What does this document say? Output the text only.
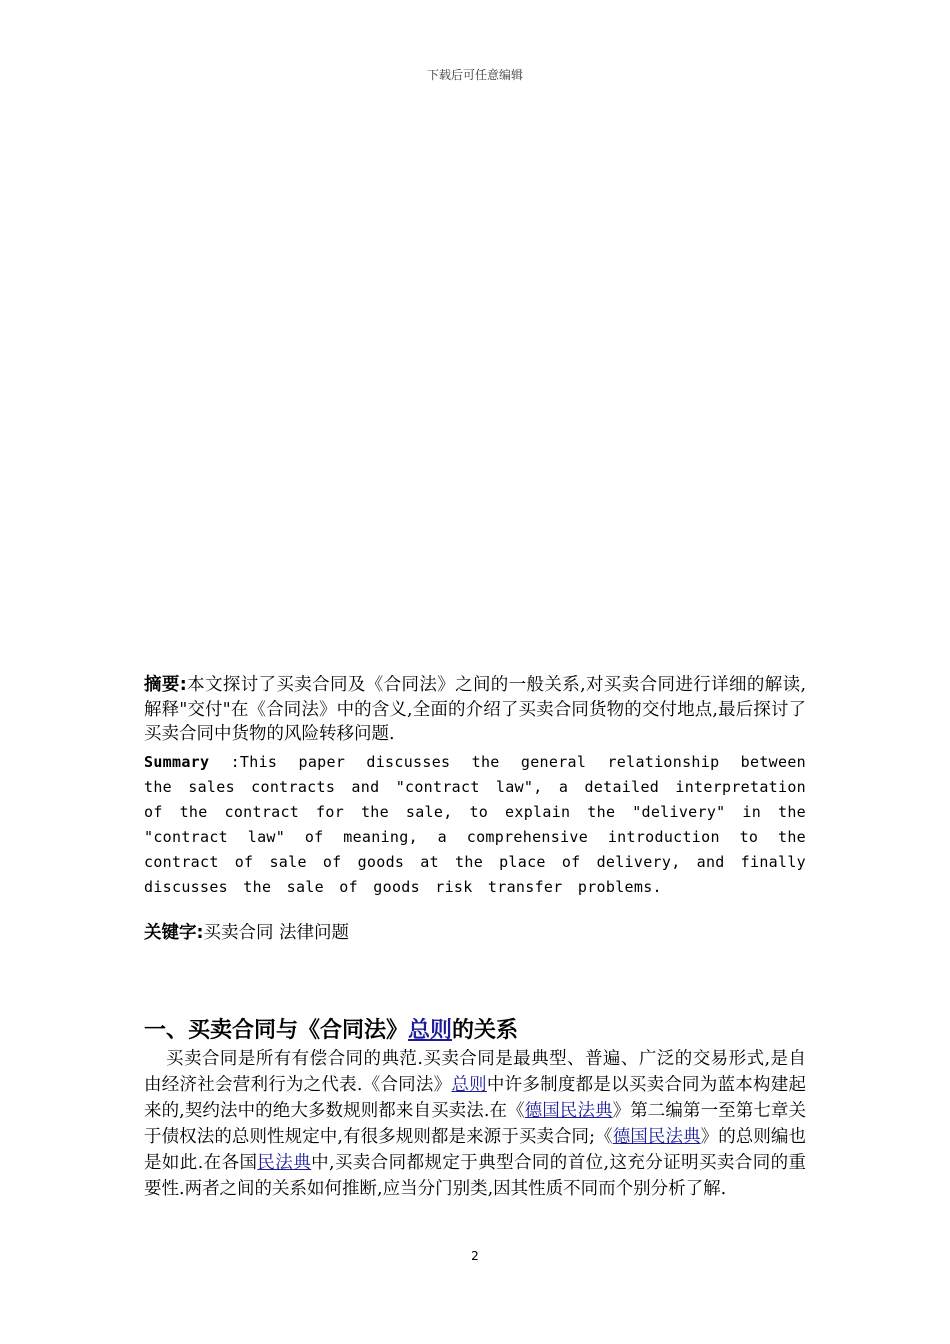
下载后可任意编辑
摘要:本文探讨了买卖合同及《合同法》之间的一般关系,对买卖合同进行详细的解读,解释"交付"在《合同法》中的含义,全面的介绍了买卖合同货物的交付地点,最后探讨了买卖合同中货物的风险转移问题.
Summary :This paper discusses the general relationship between the sales contracts and "contract law", a detailed interpretation of the contract for the sale, to explain the "delivery" in the "contract law" of meaning, a comprehensive introduction to the contract of sale of goods at the place of delivery, and finally discusses the sale of goods risk transfer problems.
关键字:买卖合同 法律问题
一、买卖合同与《合同法》总则的关系
买卖合同是所有有偿合同的典范.买卖合同是最典型、普遍、广泛的交易形式,是自由经济社会营利行为之代表.《合同法》总则中许多制度都是以买卖合同为蓝本构建起来的,契约法中的绝大多数规则都来自买卖法.在《德国民法典》第二编第一至第七章关于债权法的总则性规定中,有很多规则都是来源于买卖合同;《德国民法典》的总则编也是如此.在各国民法典中,买卖合同都规定于典型合同的首位,这充分证明买卖合同的重要性.两者之间的关系如何推断,应当分门别类,因其性质不同而个别分析了解.
2
